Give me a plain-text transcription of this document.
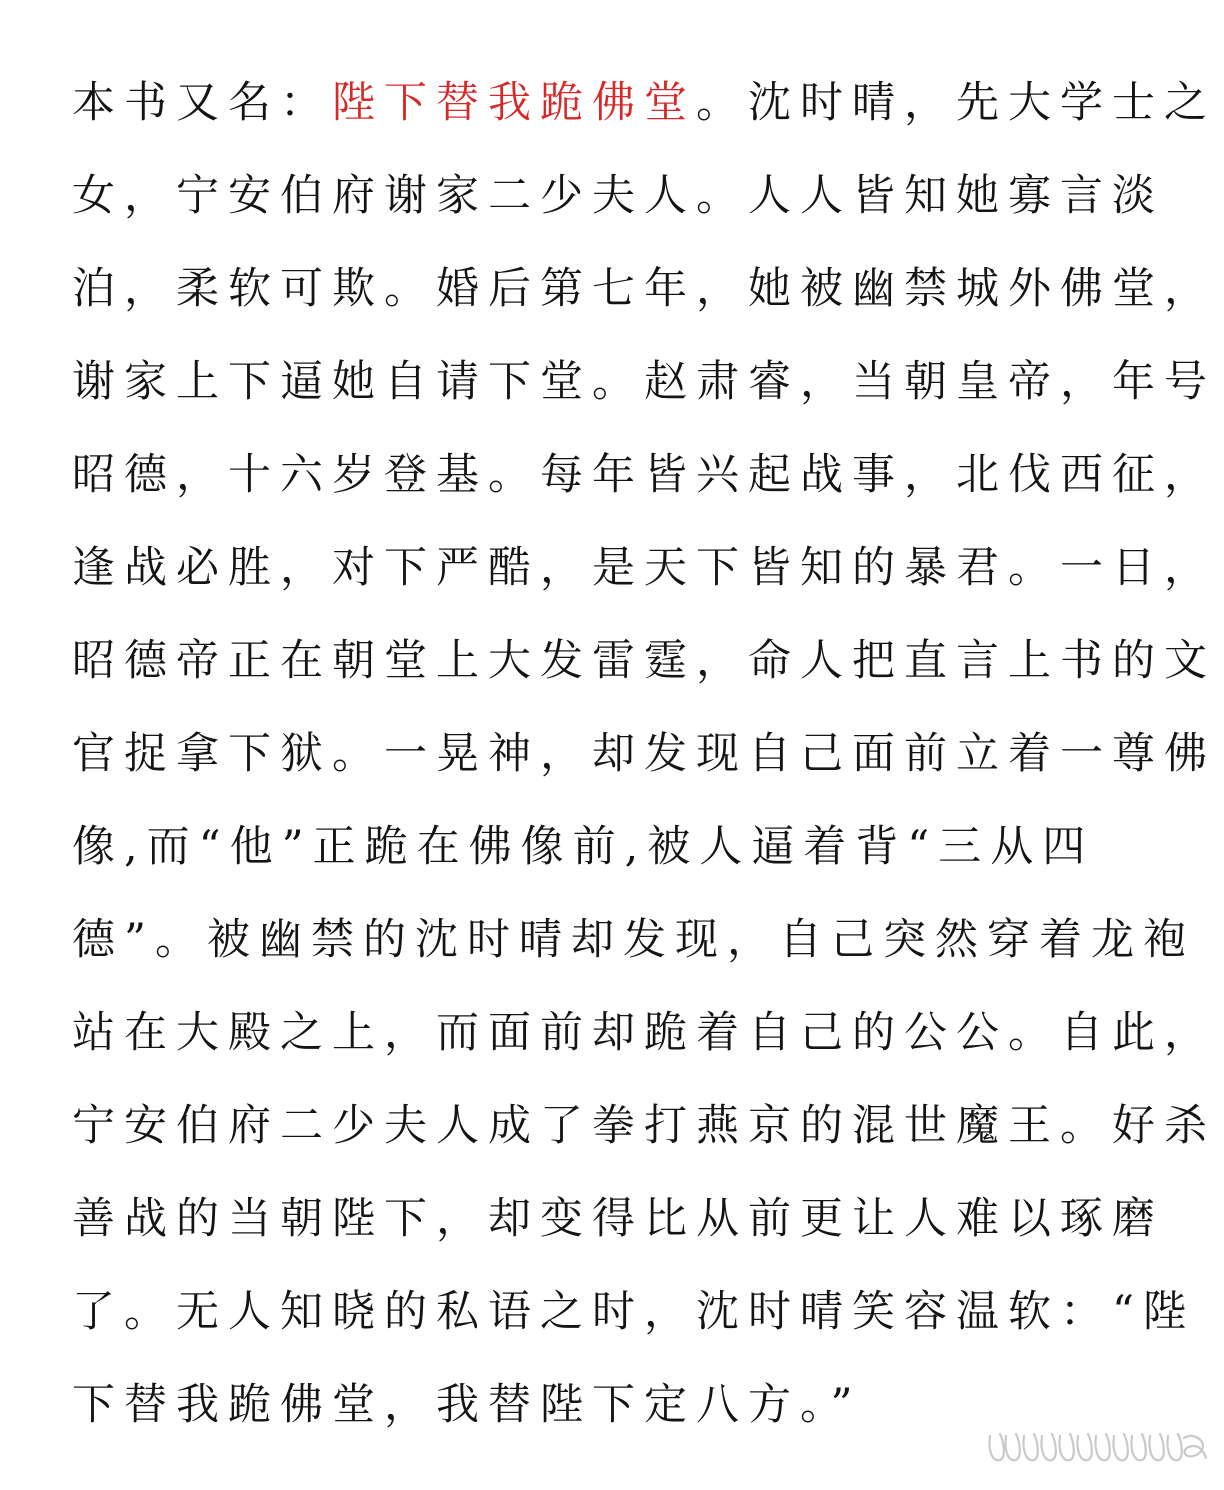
本书又名：陛下替我跪佛堂。沈时晴，先大学士之
女，宁安伯府谢家二少夫人。人人皆知她寡言淡
泊，柔软可欺。婚后第七年，她被幽禁城外佛堂，
谢家上下逼她自请下堂。赵肃睿，当朝皇帝，年号
昭德，十六岁登基。每年皆兴起战事，北伐西征，
逢战必胜，对下严酷，是天下皆知的暴君。一日，
昭德帝正在朝堂上大发雷霆，命人把直言上书的文
官捉拿下狱。一晃神，却发现自己面前立着一尊佛
像,而“他”正跪在佛像前,被人逼着背“三从四
德”。被幽禁的沈时晴却发现，自己突然穿着龙袍
站在大殿之上，而面前却跪着自己的公公。自此，
宁安伯府二少夫人成了拳打燕京的混世魔王。好杀
善战的当朝陛下，却变得比从前更让人难以琢磨
了。无人知晓的私语之时，沈时晴笑容温软：“陛
下替我跪佛堂，我替陛下定八方。”
